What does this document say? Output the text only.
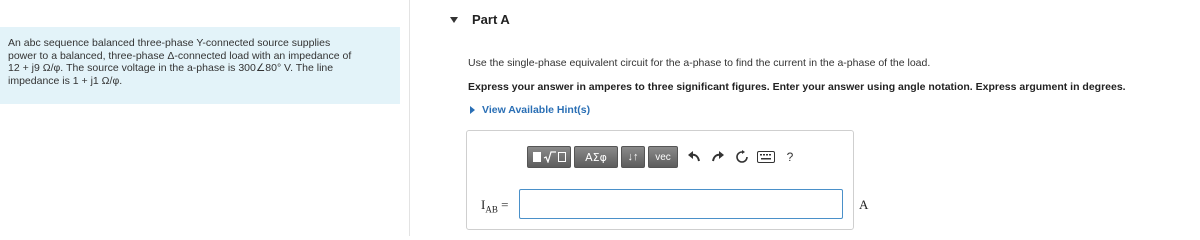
An abc sequence balanced three-phase Y-connected source supplies
power to a balanced, three-phase Δ-connected load with an impedance of
12 + j9 Ω/φ. The source voltage in the a-phase is 300∠80° V. The line
impedance is 1 + j1 Ω/φ.

Part A
Use the single-phase equivalent circuit for the a-phase to find the current in the a-phase of the load.
Express your answer in amperes to three significant figures. Enter your answer using angle notation. Express argument in degrees.
View Available Hint(s)
ΑΣφ	↓↑	vec	?
$I_{AB}$ =	A
